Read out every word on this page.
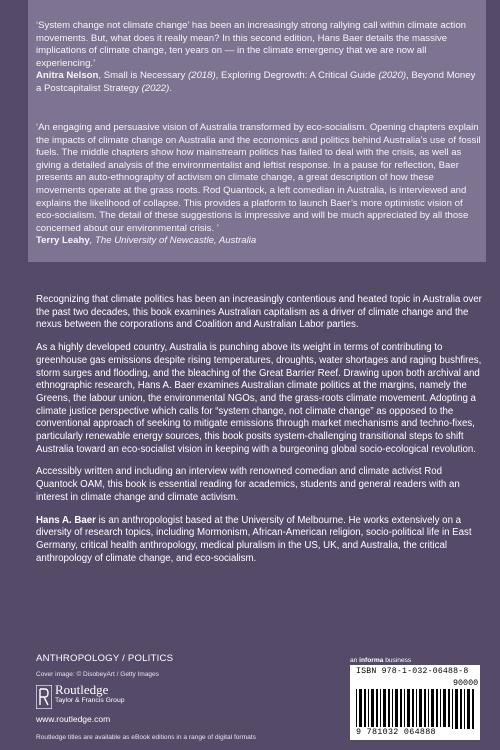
‘System change not climate change’ has been an increasingly strong rallying call within climate action movements. But, what does it really mean? In this second edition, Hans Baer details the massive implications of climate change, ten years on — in the climate emergency that we are now all experiencing.’

Anitra Nelson, Small is Necessary (2018), Exploring Degrowth: A Critical Guide (2020), Beyond Money a Postcapitalist Strategy (2022).

‘An engaging and persuasive vision of Australia transformed by eco-socialism. Opening chapters explain the impacts of climate change on Australia and the economics and politics behind Australia’s use of fossil fuels. The middle chapters show how mainstream politics has failed to deal with the crisis, as well as giving a detailed analysis of the environmentalist and leftist response. In a pause for reflection, Baer presents an auto-ethnography of activism on climate change, a great description of how these movements operate at the grass roots. Rod Quantock, a left comedian in Australia, is interviewed and explains the likelihood of collapse. This provides a platform to launch Baer’s more optimistic vision of eco-socialism. The detail of these suggestions is impressive and will be much appreciated by all those concerned about our environmental crisis. ’

Terry Leahy, The University of Newcastle, Australia

Recognizing that climate politics has been an increasingly contentious and heated topic in Australia over the past two decades, this book examines Australian capitalism as a driver of climate change and the nexus between the corporations and Coalition and Australian Labor parties.

As a highly developed country, Australia is punching above its weight in terms of contributing to greenhouse gas emissions despite rising temperatures, droughts, water shortages and raging bushfires, storm surges and flooding, and the bleaching of the Great Barrier Reef. Drawing upon both archival and ethnographic research, Hans A. Baer examines Australian climate politics at the margins, namely the Greens, the labour union, the environmental NGOs, and the grass-roots climate movement. Adopting a climate justice perspective which calls for “system change, not climate change” as opposed to the conventional approach of seeking to mitigate emissions through market mechanisms and techno-fixes, particularly renewable energy sources, this book posits system-challenging transitional steps to shift Australia toward an eco-socialist vision in keeping with a burgeoning global socio-ecological revolution.

Accessibly written and including an interview with renowned comedian and climate activist Rod Quantock OAM, this book is essential reading for academics, students and general readers with an interest in climate change and climate activism.

Hans A. Baer is an anthropologist based at the University of Melbourne. He works extensively on a diversity of research topics, including Mormonism, African-American religion, socio-political life in East Germany, critical health anthropology, medical pluralism in the US, UK, and Australia, the critical anthropology of climate change, and eco-socialism.

ANTHROPOLOGY / POLITICS
Cover image: © DisobeyArt / Getty Images
Routledge
Taylor & Francis Group
www.routledge.com
Routledge titles are available as eBook editions in a range of digital formats
an informa business
ISBN 978-1-032-06488-8
90000
9 781032 064888
